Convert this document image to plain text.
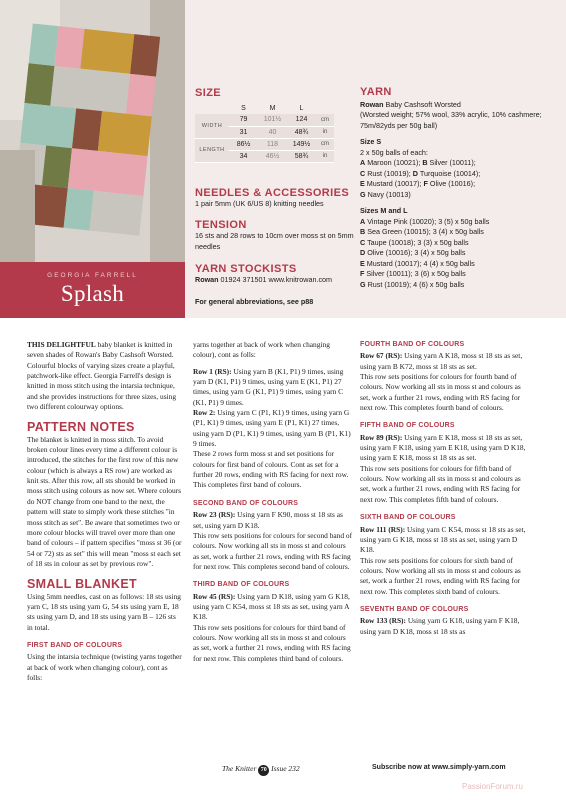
GEORGIA FARRELL
Splash
SIZE
	S	M	L	
WIDTH	79	101½	124	cm
	31	40	48¾	in
LENGTH	86½	118	149½	cm
	34	46½	58¾	in
NEEDLES & ACCESSORIES
1 pair 5mm (UK 6/US 8) knitting needles
TENSION
16 sts and 28 rows to 10cm over moss st on 5mm needles
YARN STOCKISTS
Rowan 01924 371501 www.knitrowan.com
For general abbreviations, see p88
YARN
Rowan Baby Cashsoft Worsted
(Worsted weight; 57% wool, 33% acrylic, 10% cashmere; 75m/82yds per 50g ball)
Size S
2 x 50g balls of each:
A Maroon (10021); B Silver (10011);
C Rust (10019); D Turquoise (10014);
E Mustard (10017); F Olive (10016);
G Navy (10013)
Sizes M and L
A Vintage Pink (10020); 3 (5) x 50g balls
B Sea Green (10015); 3 (4) x 50g balls
C Taupe (10018); 3 (3) x 50g balls
D Olive (10016); 3 (4) x 50g balls
E Mustard (10017); 4 (4) x 50g balls
F Silver (10011); 3 (6) x 50g balls
G Rust (10019); 4 (6) x 50g balls

THIS DELIGHTFUL baby blanket is knitted in seven shades of Rowan's Baby Cashsoft Worsted. Colourful blocks of varying sizes create a playful, patchwork-like effect. Georgia Farrell's design is knitted in moss stitch using the intarsia technique, and she provides instructions for three sizes, using two different colourway options.

PATTERN NOTES

The blanket is knitted in moss stitch. To avoid broken colour lines every time a different colour is introduced, the stitches for the first row of this new colour (which is always a RS row) are worked as knit sts. After this row, all sts should be worked in moss stitch using colours as now set. Where colours do NOT change from one band to the next, the pattern will state to simply work these stitches "in moss stitch as set". Be aware that sometimes two or more colour blocks will travel over more than one band of colours – if pattern specifies "moss st 36 (or 54 or 72) sts as set" this will mean "moss st each set of 18 sts in colour as set by previous row".

SMALL BLANKET

Using 5mm needles, cast on as follows: 18 sts using yarn C, 18 sts using yarn G, 54 sts using yarn E, 18 sts using yarn D, and 18 sts using yarn B – 126 sts in total.

FIRST BAND OF COLOURS

Using the intarsia technique (twisting yarns together at back of work when changing colour), cont as folls:

yarns together at back of work when changing colour), cont as folls:

Row 1 (RS): Using yarn B (K1, P1) 9 times, using yarn D (K1, P1) 9 times, using yarn E (K1, P1) 27 times, using yarn G (K1, P1) 9 times, using yarn C (K1, P1) 9 times.

Row 2: Using yarn C (P1, K1) 9 times, using yarn G (P1, K1) 9 times, using yarn E (P1, K1) 27 times, using yarn D (P1, K1) 9 times, using yarn B (P1, K1) 9 times.

These 2 rows form moss st and set positions for colours for first band of colours. Cont as set for a further 20 rows, ending with RS facing for next row. This completes first band of colours.

SECOND BAND OF COLOURS

Row 23 (RS): Using yarn F K90, moss st 18 sts as set, using yarn D K18.

This row sets positions for colours for second band of colours. Now working all sts in moss st and colours as set, work a further 21 rows, ending with RS facing for next row. This completes second band of colours.

THIRD BAND OF COLOURS

Row 45 (RS): Using yarn D K18, using yarn G K18, using yarn C K54, moss st 18 sts as set, using yarn A K18.

This row sets positions for colours for third band of colours. Now working all sts in moss st and colours as set, work a further 21 rows, ending with RS facing for next row. This completes third band of colours.

FOURTH BAND OF COLOURS

Row 67 (RS): Using yarn A K18, moss st 18 sts as set, using yarn B K72, moss st 18 sts as set.

This row sets positions for colours for fourth band of colours. Now working all sts in moss st and colours as set, work a further 21 rows, ending with RS facing for next row. This completes fourth band of colours.

FIFTH BAND OF COLOURS

Row 89 (RS): Using yarn E K18, moss st 18 sts as set, using yarn F K18, using yarn E K18, using yarn D K18, using yarn E K18, moss st 18 sts as set.

This row sets positions for colours for fifth band of colours. Now working all sts in moss st and colours as set, work a further 21 rows, ending with RS facing for next row. This completes fifth band of colours.

SIXTH BAND OF COLOURS

Row 111 (RS): Using yarn C K54, moss st 18 sts as set, using yarn G K18, moss st 18 sts as set, using yarn D K18.

This row sets positions for colours for sixth band of colours. Now working all sts in moss st and colours as set, work a further 21 rows, ending with RS facing for next row. This completes sixth band of colours.

SEVENTH BAND OF COLOURS

Row 133 (RS): Using yarn G K18, using yarn F K18, using yarn D K18, moss st 18 sts as

The Knitter 70 Issue 232	Subscribe now at www.simply-yarn.com
PassionForum.ru
